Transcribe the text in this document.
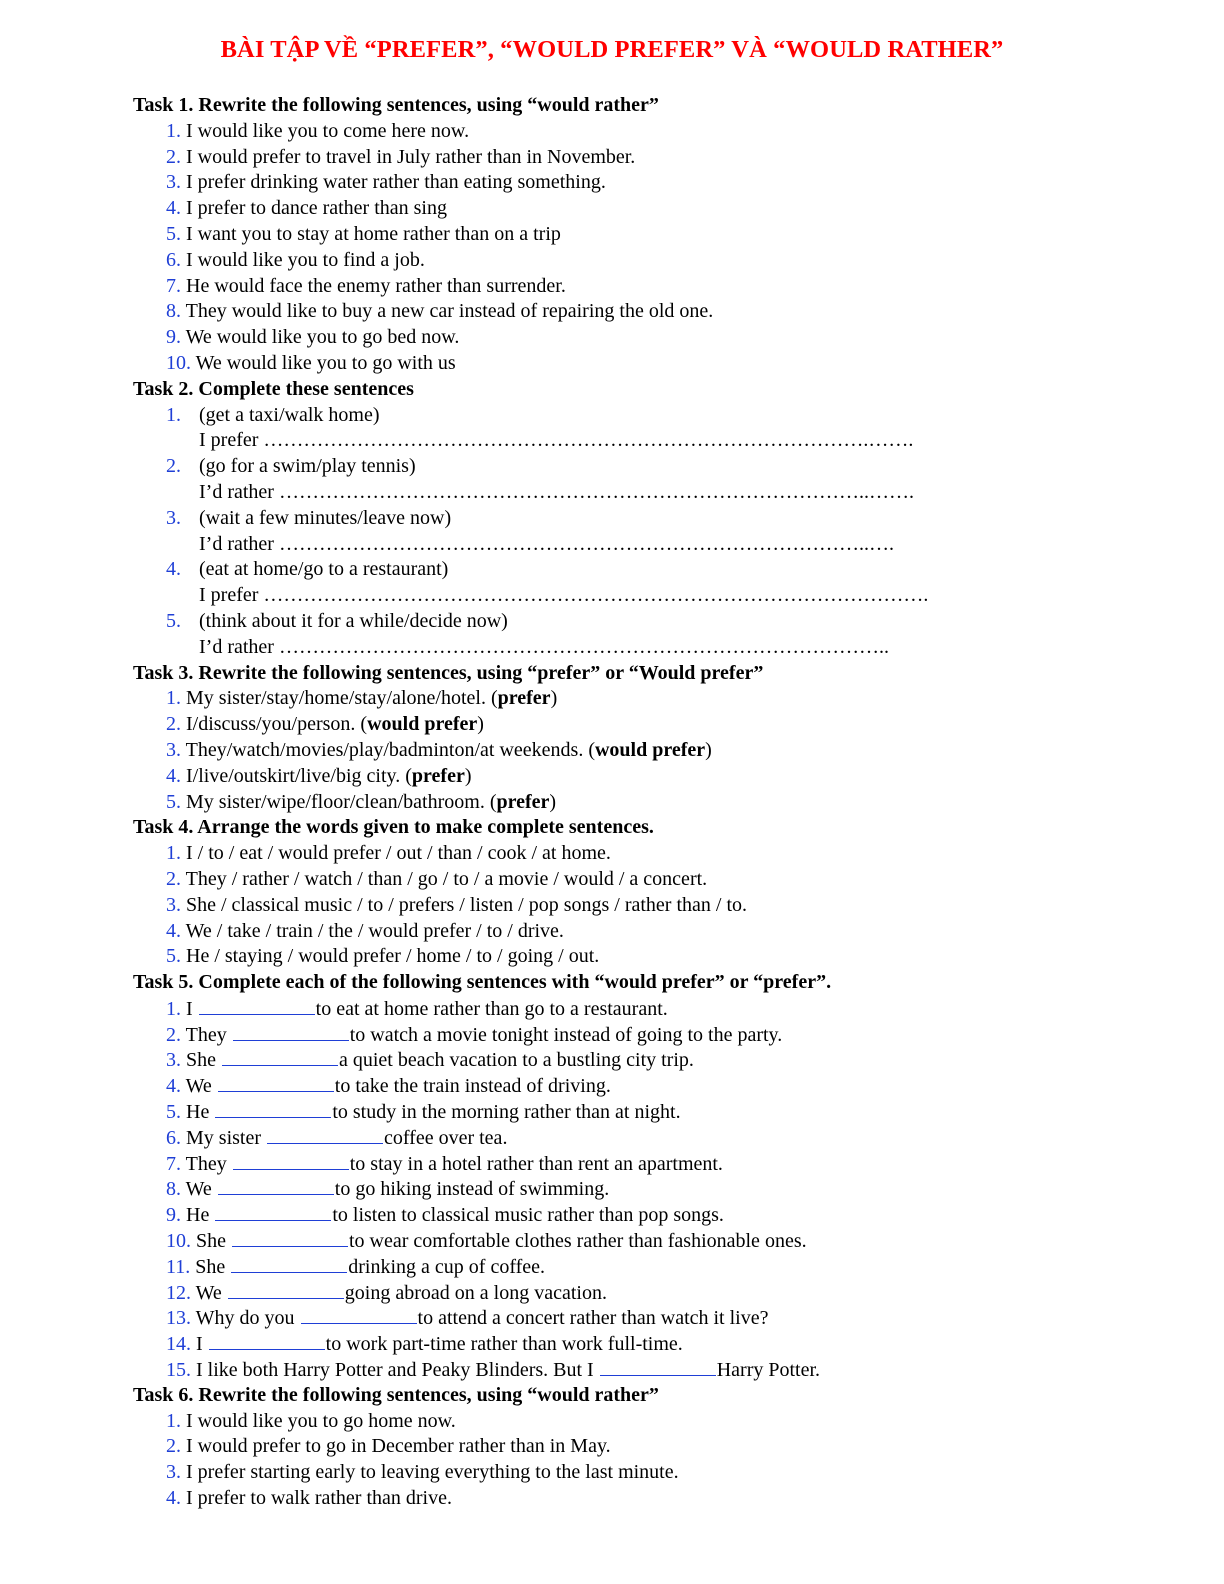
BÀI TẬP VỀ “PREFER”, “WOULD PREFER” VÀ “WOULD RATHER”
Task 1. Rewrite the following sentences, using “would rather”
1. I would like you to come here now.
2. I would prefer to travel in July rather than in November.
3. I prefer drinking water rather than eating something.
4. I prefer to dance rather than sing
5. I want you to stay at home rather than on a trip
6. I would like you to find a job.
7. He would face the enemy rather than surrender.
8. They would like to buy a new car instead of repairing the old one.
9. We would like you to go bed now.
10. We would like you to go with us
Task 2. Complete these sentences
1. (get a taxi/walk home)
I prefer ……………………………………………………………………………….…….
2. (go for a swim/play tennis)
I’d rather ……………………………………………………………………………..…….
3. (wait a few minutes/leave now)
I’d rather ……………………………………………………………………………..….
4. (eat at home/go to a restaurant)
I prefer ……………………………………………………………………………………….
5. (think about it for a while/decide now)
I’d rather ………………………………………………………………………………..
Task 3. Rewrite the following sentences, using “prefer” or “Would prefer”
1. My sister/stay/home/stay/alone/hotel. (prefer)
2. I/discuss/you/person. (would prefer)
3. They/watch/movies/play/badminton/at weekends. (would prefer)
4. I/live/outskirt/live/big city. (prefer)
5. My sister/wipe/floor/clean/bathroom. (prefer)
Task 4. Arrange the words given to make complete sentences.
1. I / to / eat / would prefer / out / than / cook / at home.
2. They / rather / watch / than / go / to / a movie / would / a concert.
3. She / classical music / to / prefers / listen / pop songs / rather than / to.
4. We / take / train / the / would prefer / to / drive.
5. He / staying / would prefer / home / to / going / out.
Task 5. Complete each of the following sentences with “would prefer” or “prefer”.
1. I	to eat at home rather than go to a restaurant.
2. They	to watch a movie tonight instead of going to the party.
3. She	a quiet beach vacation to a bustling city trip.
4. We	to take the train instead of driving.
5. He	to study in the morning rather than at night.
6. My sister	coffee over tea.
7. They	to stay in a hotel rather than rent an apartment.
8. We	to go hiking instead of swimming.
9. He	to listen to classical music rather than pop songs.
10. She	to wear comfortable clothes rather than fashionable ones.
11. She	drinking a cup of coffee.
12. We	going abroad on a long vacation.
13. Why do you	to attend a concert rather than watch it live?
14. I	to work part-time rather than work full-time.
15. I like both Harry Potter and Peaky Blinders. But I	Harry Potter.
Task 6. Rewrite the following sentences, using “would rather”
1. I would like you to go home now.
2. I would prefer to go in December rather than in May.
3. I prefer starting early to leaving everything to the last minute.
4. I prefer to walk rather than drive.
